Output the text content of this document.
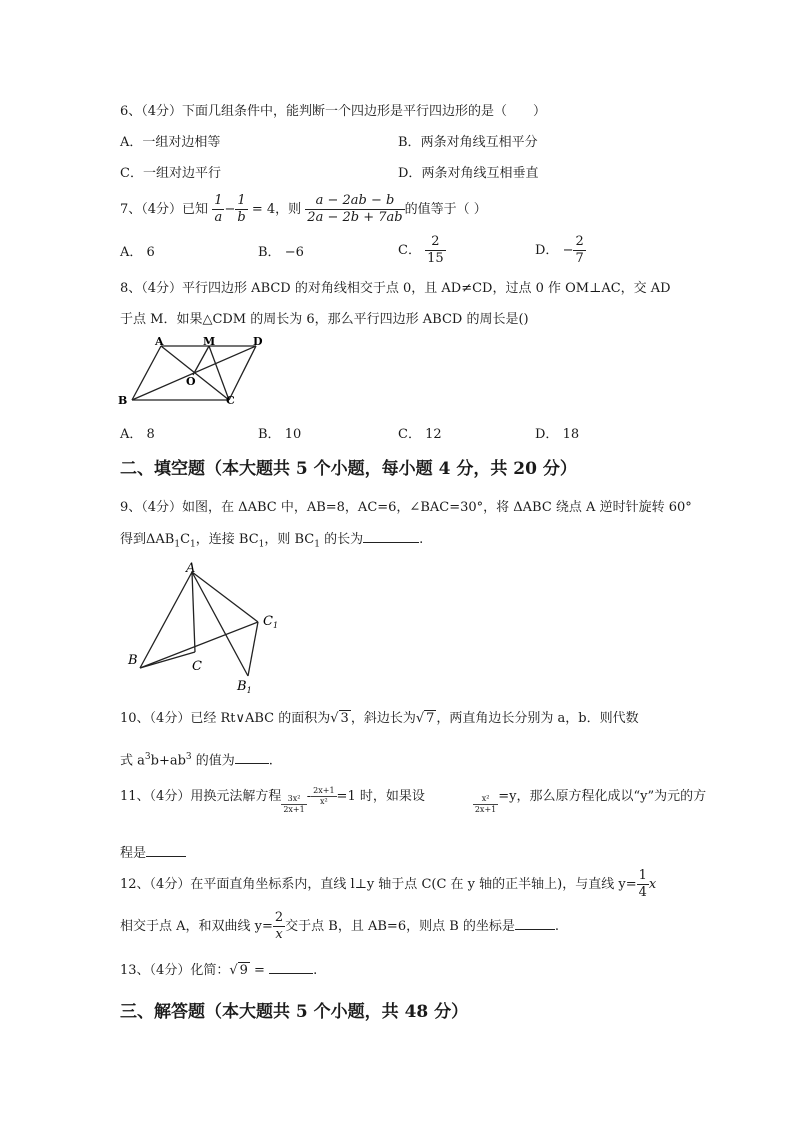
6、（4分）下面几组条件中，能判断一个四边形是平行四边形的是（　　）
A．一组对边相等	B．两条对角线互相平分
C．一组对边平行	D．两条对角线互相垂直
7、（4分）已知 $\frac{1}{a} - \frac{1}{b} = 4$，则 $\frac{a - 2ab - b}{2a - 2b + 7ab}$ 的值等于（ ）
A． 6	B． −6	C． $\frac{2}{15}$	D． − $\frac{2}{7}$
8、（4分）平行四边形 ABCD 的对角线相交于点 0，且 AD≠CD，过点 0 作 OM⊥AC，交 AD
于点 M．如果△CDM 的周长为 6，那么平行四边形 ABCD 的周长是()
A	M	D
O
B	C
A． 8	B． 10	C． 12	D． 18
二、填空题（本大题共 5 个小题，每小题 4 分，共 20 分）
9、（4分）如图，在 ΔABC 中，AB=8，AC=6，∠BAC=30°，将 ΔABC 绕点 A 逆时针旋转 60°
得到$\Delta AB_1C_1$，连接 $BC_1$，则 $BC_1$ 的长为	.
A
B	C
$C_1$
$B_1$
10、（4分）已经 Rt∨ABC 的面积为√ 3 ，斜边长为√ 7 ，两直角边长分别为 a，b．则代数
式 $a^3b+ab^3$ 的值为	.
11、（4分）用换元法解方程 $\frac{\text{3x²}}{2x+1} - \frac{2x+1}{\text{x²}} =1$ 时，如果设	$\frac{\text{x²}}{2x+1} =y$，那么原方程化成以“y”为元的方
程是
12、（4分）在平面直角坐标系内，直线 l⊥y 轴于点 C(C 在 y 轴的正半轴上)，与直线 $y= \frac{1}{4}$ x
相交于点 A，和双曲线 $y= \frac{2}{x}$ 交于点 B，且 AB=6，则点 B 的坐标是	.
13、（4分）化简：√ 9 =	.
三、解答题（本大题共 5 个小题，共 48 分）
